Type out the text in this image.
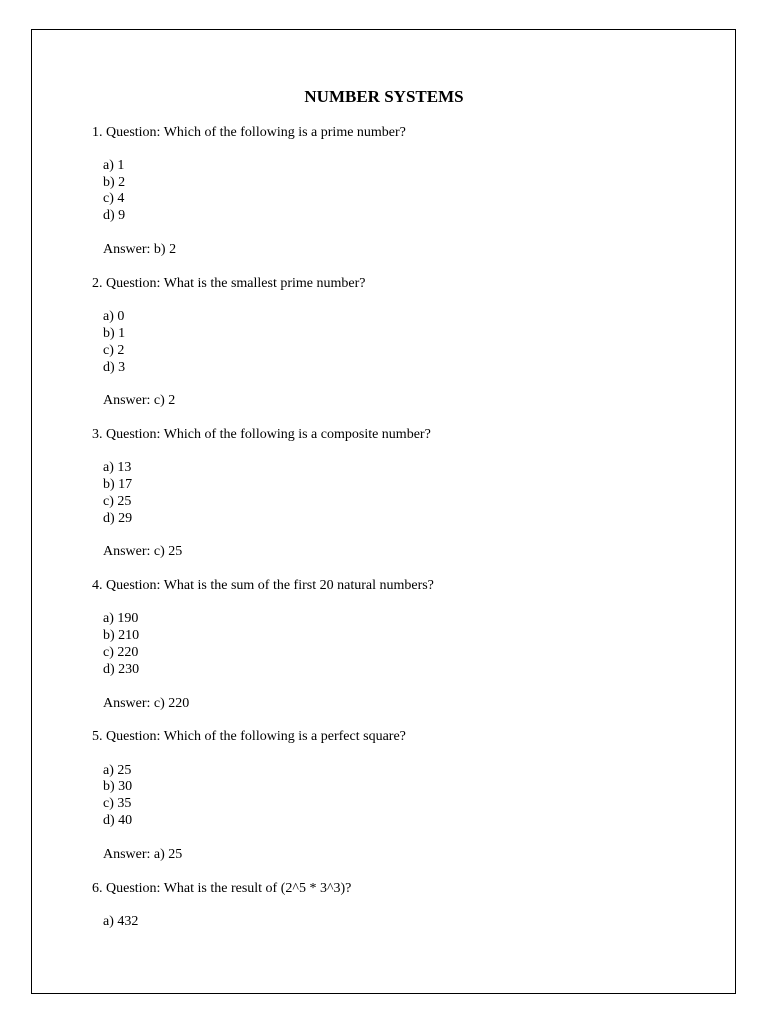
NUMBER SYSTEMS
1. Question: Which of the following is a prime number?
a) 1
b) 2
c) 4
d) 9
Answer: b) 2
2. Question: What is the smallest prime number?
a) 0
b) 1
c) 2
d) 3
Answer: c) 2
3. Question: Which of the following is a composite number?
a) 13
b) 17
c) 25
d) 29
Answer: c) 25
4. Question: What is the sum of the first 20 natural numbers?
a) 190
b) 210
c) 220
d) 230
Answer: c) 220
5. Question: Which of the following is a perfect square?
a) 25
b) 30
c) 35
d) 40
Answer: a) 25
6. Question: What is the result of (2^5 * 3^3)?
a) 432
